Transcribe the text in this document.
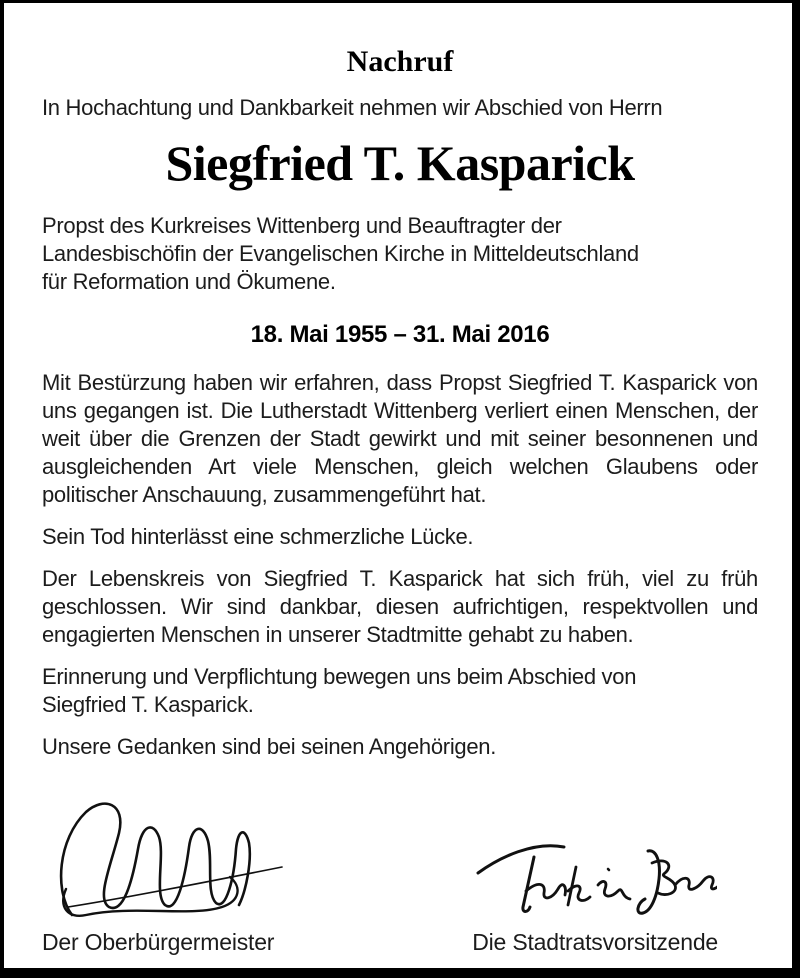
Nachruf

In Hochachtung und Dankbarkeit nehmen wir Abschied von Herrn

Siegfried T. Kasparick
Propst des Kurkreises Wittenberg und Beauftragter der
Landesbischöfin der Evangelischen Kirche in Mitteldeutschland
für Reformation und Ökumene.
18. Mai 1955 – 31. Mai 2016

Mit Bestürzung haben wir erfahren, dass Propst Siegfried T. Kasparick von uns gegangen ist. Die Lutherstadt Wittenberg verliert einen Menschen, der weit über die Grenzen der Stadt gewirkt und mit seiner besonnenen und ausgleichenden Art viele Menschen, gleich welchen Glaubens oder politischer Anschauung, zusammengeführt hat.

Sein Tod hinterlässt eine schmerzliche Lücke.

Der Lebenskreis von Siegfried T. Kasparick hat sich früh, viel zu früh geschlossen. Wir sind dankbar, diesen aufrichtigen, respektvollen und engagierten Menschen in unserer Stadtmitte gehabt zu haben.

Erinnerung und Verpflichtung bewegen uns beim Abschied von
Siegfried T. Kasparick.

Unsere Gedanken sind bei seinen Angehörigen.

Der Oberbürgermeister	Die Stadtratsvorsitzende
